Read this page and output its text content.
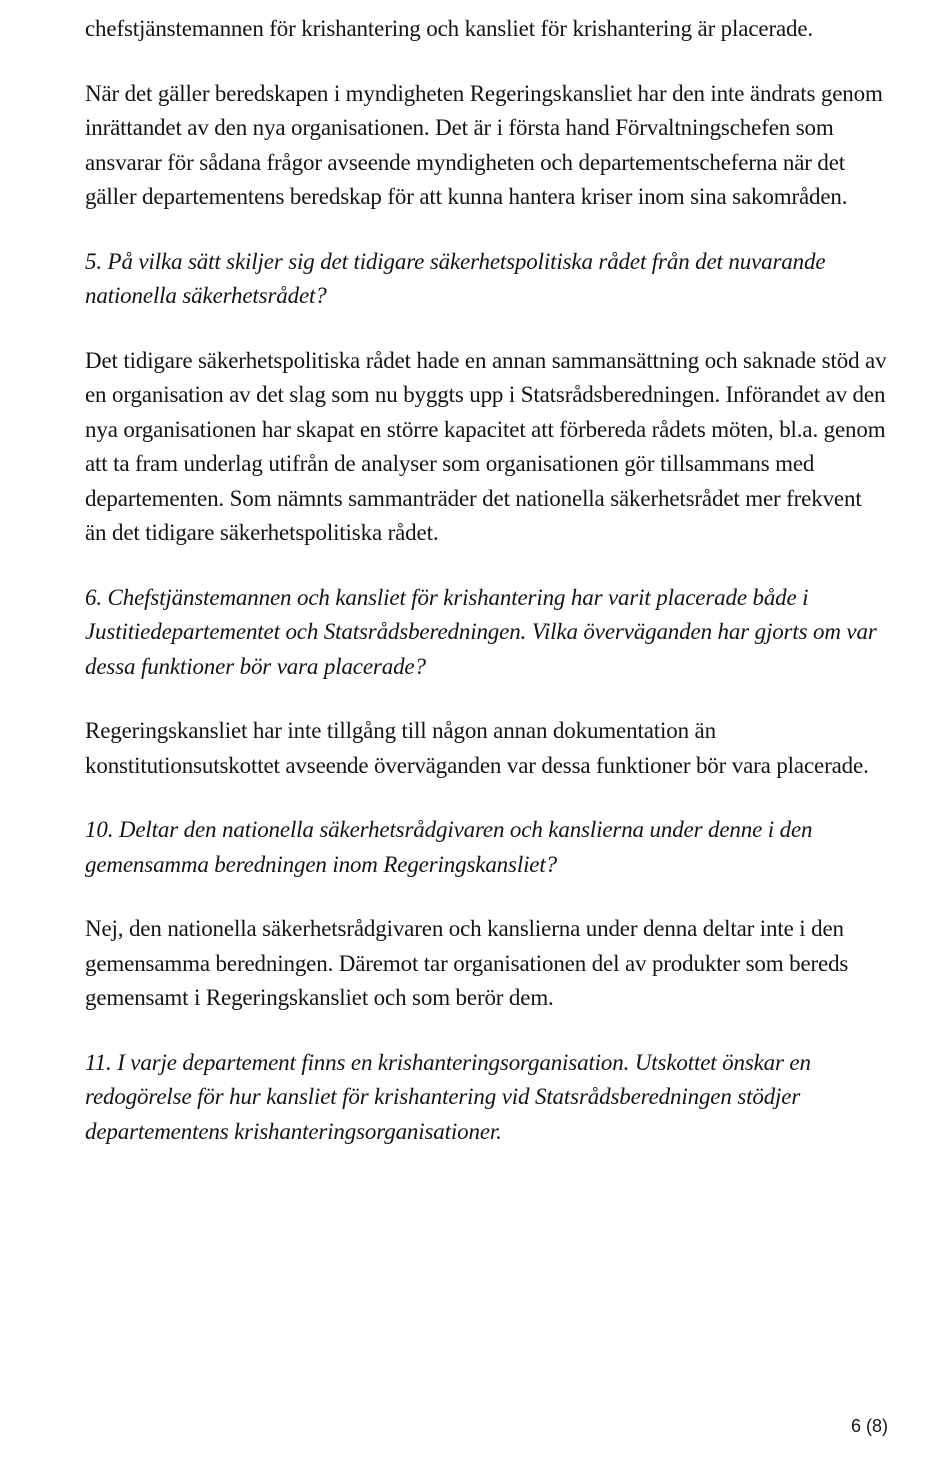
chefstjänstemannen för krishantering och kansliet för krishantering är placerade.

När det gäller beredskapen i myndigheten Regeringskansliet har den inte ändrats genom inrättandet av den nya organisationen. Det är i första hand Förvaltningschefen som ansvarar för sådana frågor avseende myndigheten och departementscheferna när det gäller departementens beredskap för att kunna hantera kriser inom sina sakområden.

5. På vilka sätt skiljer sig det tidigare säkerhetspolitiska rådet från det nuvarande nationella säkerhetsrådet?

Det tidigare säkerhetspolitiska rådet hade en annan sammansättning och saknade stöd av en organisation av det slag som nu byggts upp i Statsrådsberedningen. Införandet av den nya organisationen har skapat en större kapacitet att förbereda rådets möten, bl.a. genom att ta fram underlag utifrån de analyser som organisationen gör tillsammans med departementen. Som nämnts sammanträder det nationella säkerhetsrådet mer frekvent än det tidigare säkerhetspolitiska rådet.

6. Chefstjänstemannen och kansliet för krishantering har varit placerade både i Justitiedepartementet och Statsrådsberedningen. Vilka överväganden har gjorts om var dessa funktioner bör vara placerade?

Regeringskansliet har inte tillgång till någon annan dokumentation än konstitutionsutskottet avseende överväganden var dessa funktioner bör vara placerade.

10. Deltar den nationella säkerhetsrådgivaren och kanslierna under denne i den gemensamma beredningen inom Regeringskansliet?

Nej, den nationella säkerhetsrådgivaren och kanslierna under denna deltar inte i den gemensamma beredningen. Däremot tar organisationen del av produkter som bereds gemensamt i Regeringskansliet och som berör dem.

11. I varje departement finns en krishanteringsorganisation. Utskottet önskar en redogörelse för hur kansliet för krishantering vid Statsrådsberedningen stödjer departementens krishanteringsorganisationer.

6 (8)
